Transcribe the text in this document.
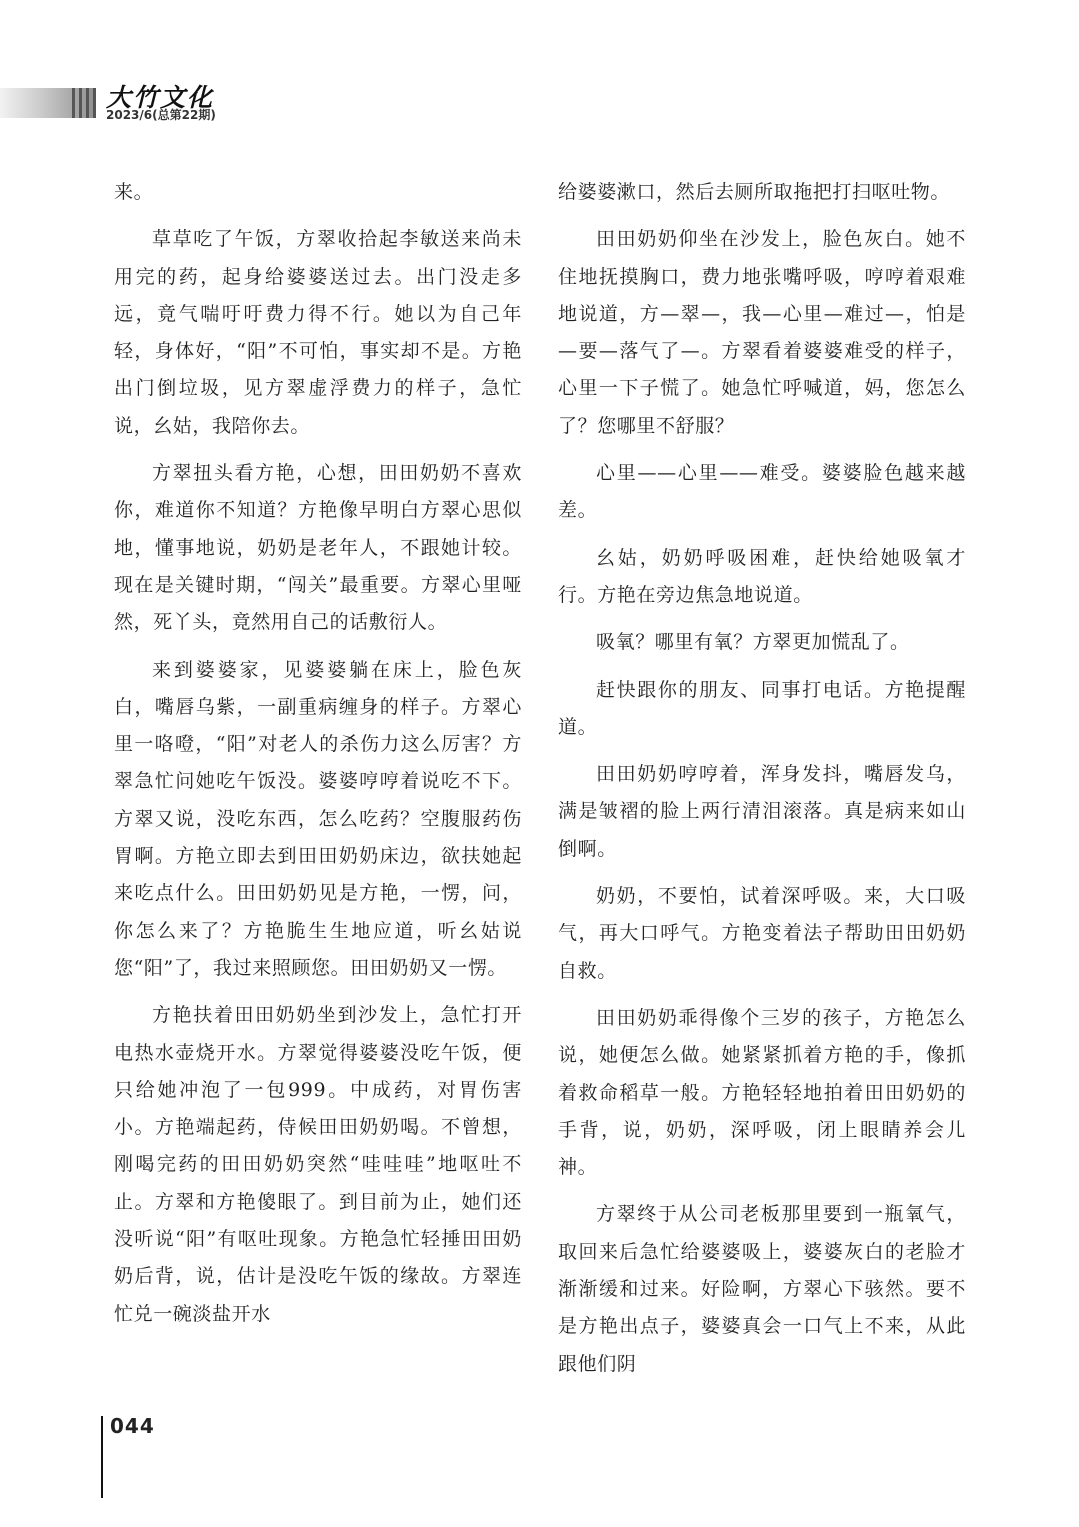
大竹文化
2023/6(总第22期)

来。

草草吃了午饭，方翠收拾起李敏送来尚未用完的药，起身给婆婆送过去。出门没走多远，竟气喘吁吁费力得不行。她以为自己年轻，身体好，“阳”不可怕，事实却不是。方艳出门倒垃圾，见方翠虚浮费力的样子，急忙说，幺姑，我陪你去。

方翠扭头看方艳，心想，田田奶奶不喜欢你，难道你不知道？方艳像早明白方翠心思似地，懂事地说，奶奶是老年人，不跟她计较。现在是关键时期，“闯关”最重要。方翠心里哑然，死丫头，竟然用自己的话敷衍人。

来到婆婆家，见婆婆躺在床上，脸色灰白，嘴唇乌紫，一副重病缠身的样子。方翠心里一咯噔，“阳”对老人的杀伤力这么厉害？方翠急忙问她吃午饭没。婆婆哼哼着说吃不下。方翠又说，没吃东西，怎么吃药？空腹服药伤胃啊。方艳立即去到田田奶奶床边，欲扶她起来吃点什么。田田奶奶见是方艳，一愣，问，你怎么来了？方艳脆生生地应道，听幺姑说您“阳”了，我过来照顾您。田田奶奶又一愣。

方艳扶着田田奶奶坐到沙发上，急忙打开电热水壶烧开水。方翠觉得婆婆没吃午饭，便只给她冲泡了一包999。中成药，对胃伤害小。方艳端起药，侍候田田奶奶喝。不曾想，刚喝完药的田田奶奶突然“哇哇哇”地呕吐不止。方翠和方艳傻眼了。到目前为止，她们还没听说“阳”有呕吐现象。方艳急忙轻捶田田奶奶后背，说，估计是没吃午饭的缘故。方翠连忙兑一碗淡盐开水

给婆婆漱口，然后去厕所取拖把打扫呕吐物。

田田奶奶仰坐在沙发上，脸色灰白。她不住地抚摸胸口，费力地张嘴呼吸，哼哼着艰难地说道，方—翠—，我—心里—难过—，怕是—要—落气了—。方翠看着婆婆难受的样子，心里一下子慌了。她急忙呼喊道，妈，您怎么了？您哪里不舒服？

心里——心里——难受。婆婆脸色越来越差。

幺姑，奶奶呼吸困难，赶快给她吸氧才行。方艳在旁边焦急地说道。

吸氧？哪里有氧？方翠更加慌乱了。

赶快跟你的朋友、同事打电话。方艳提醒道。

田田奶奶哼哼着，浑身发抖，嘴唇发乌，满是皱褶的脸上两行清泪滚落。真是病来如山倒啊。

奶奶，不要怕，试着深呼吸。来，大口吸气，再大口呼气。方艳变着法子帮助田田奶奶自救。

田田奶奶乖得像个三岁的孩子，方艳怎么说，她便怎么做。她紧紧抓着方艳的手，像抓着救命稻草一般。方艳轻轻地拍着田田奶奶的手背，说，奶奶，深呼吸，闭上眼睛养会儿神。

方翠终于从公司老板那里要到一瓶氧气，取回来后急忙给婆婆吸上，婆婆灰白的老脸才渐渐缓和过来。好险啊，方翠心下骇然。要不是方艳出点子，婆婆真会一口气上不来，从此跟他们阴

044
